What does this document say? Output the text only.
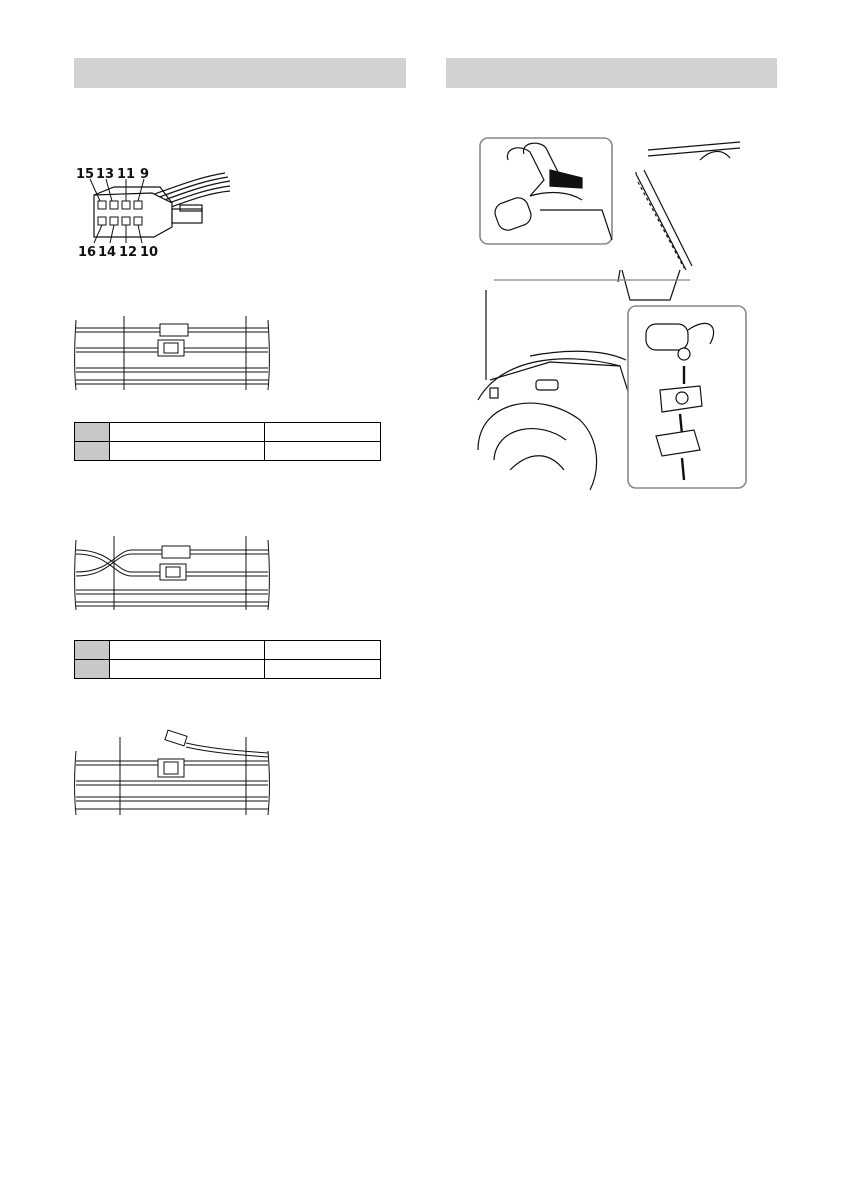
15 13 11 9
16 14 12 10
